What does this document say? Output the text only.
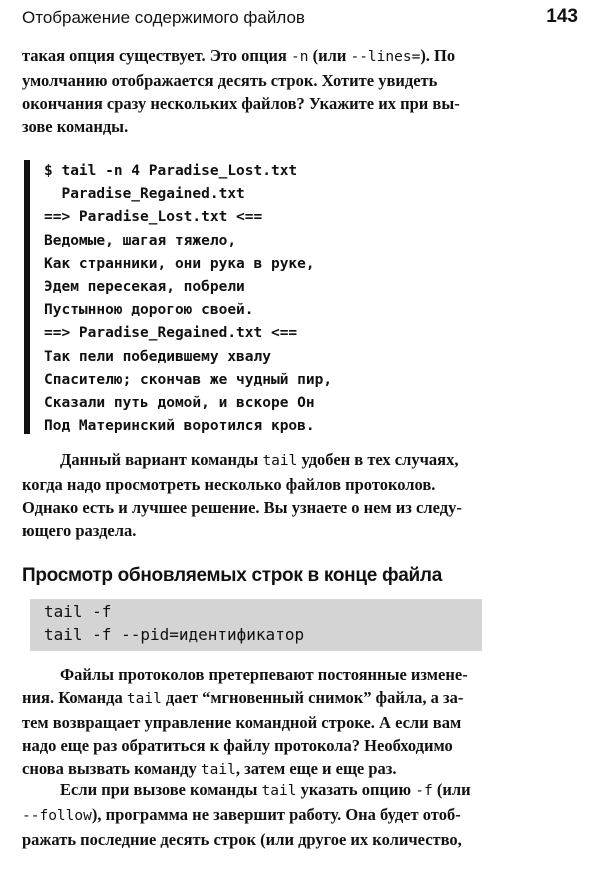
Отображение содержимого файлов	143

такая опция существует. Это опция -n (или --lines=). По
умолчанию отображается десять строк. Хотите увидеть
окончания сразу нескольких файлов? Укажите их при вы-
зове команды.

$ tail -n 4 Paradise_Lost.txt
Paradise_Regained.txt
==> Paradise_Lost.txt <==
Ведомые, шагая тяжело,
Как странники, они рука в руке,
Эдем пересекая, побрели
Пустынною дорогою своей.
==> Paradise_Regained.txt <==
Так пели победившему хвалу
Спасителю; скончав же чудный пир,
Сказали путь домой, и вскоре Он
Под Материнский воротился кров.

Данный вариант команды tail удобен в тех случаях,
когда надо просмотреть несколько файлов протоколов.
Однако есть и лучшее решение. Вы узнаете о нем из следу-
ющего раздела.

Просмотр обновляемых строк в конце файла
tail -f
tail -f --pid=идентификатор

Файлы протоколов претерпевают постоянные измене-
ния. Команда tail дает “мгновенный снимок” файла, а за-
тем возвращает управление командной строке. А если вам
надо еще раз обратиться к файлу протокола? Необходимо
снова вызвать команду tail, затем еще и еще раз.

Если при вызове команды tail указать опцию -f (или
--follow), программа не завершит работу. Она будет отоб-
ражать последние десять строк (или другое их количество,
